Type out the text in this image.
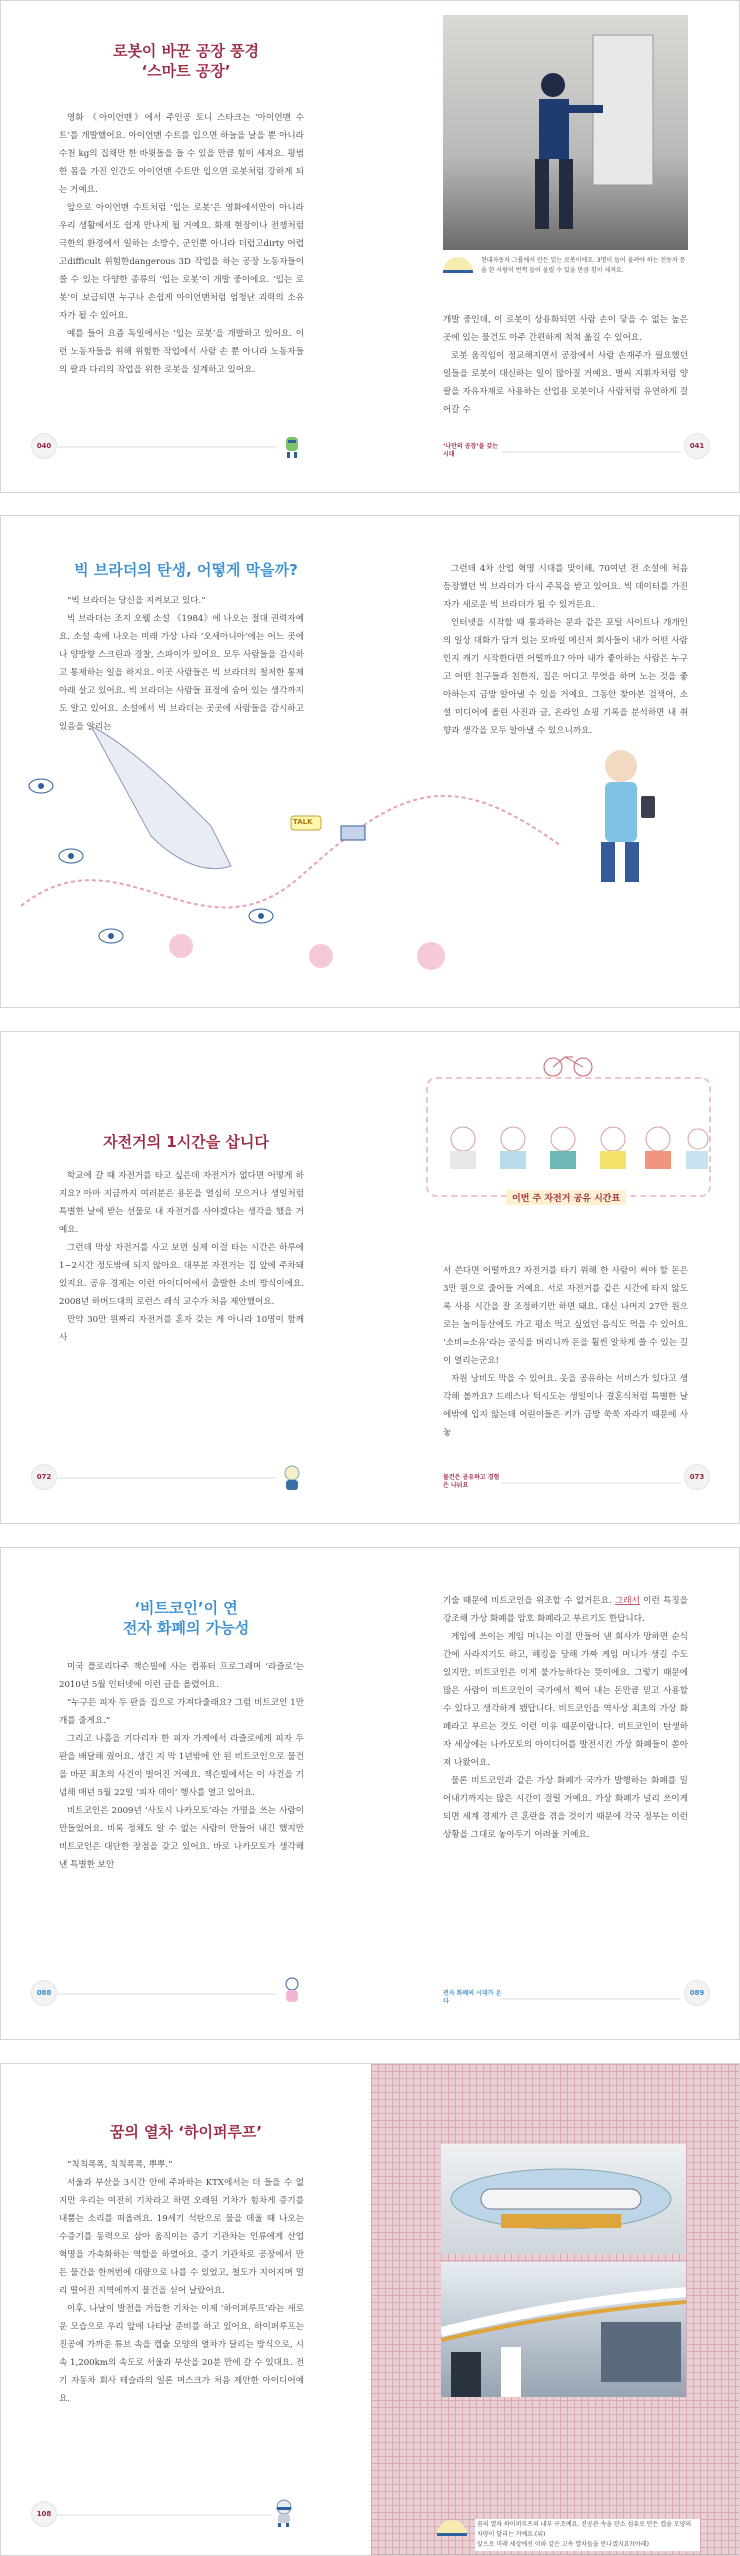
로봇이 바꾼 공장 풍경
‘스마트 공장’

영화 《아이언맨》에서 주인공 토니 스타크는 ‘아이언맨 수트’를 개발했어요. 아이언맨 수트를 입으면 하늘을 날을 뿐 아니라 수천 kg의 집채만 한 바윗돌을 들 수 있을 만큼 힘이 세져요. 평범한 몸을 가진 인간도 아이언맨 수트만 입으면 로봇처럼 강하게 되는 거예요.

앞으로 아이언맨 수트처럼 ‘입는 로봇’은 영화에서만이 아니라 우리 생활에서도 쉽게 만나게 될 거예요. 화재 현장이나 전쟁처럼 극한의 환경에서 일하는 소방수, 군인뿐 아니라 더럽고dirty 어렵고difficult 위험한dangerous 3D 작업을 하는 공장 노동자들이 쓸 수 있는 다양한 종류의 ‘입는 로봇’이 개발 중이에요. ‘입는 로봇’이 보급되면 누구나 손쉽게 아이언맨처럼 엄청난 괴력의 소유자가 될 수 있어요.

예를 들어 요즘 독일에서는 ‘입는 로봇’을 개발하고 있어요. 이런 노동자들을 위해 위험한 작업에서 사람 손 뿐 아니라 노동자들의 팔과 다리의 작업을 위한 로봇을 설계하고 있어요.

040
현대자동차 그룹에서 만든 입는 로봇이에요. 3명이 들어 올려야 하는 전동차 문을 한 사람이 번쩍 들어 올릴 수 있을 만큼 힘이 세져요.

개발 중인데, 이 로봇이 상용화되면 사람 손이 닿을 수 없는 높은 곳에 있는 물건도 아주 간편하게 척척 옮길 수 있어요.

로봇 움직임이 정교해지면서 공장에서 사람 손재주가 필요했던 일들을 로봇이 대신하는 일이 많아질 거예요. 벌써 지휘자처럼 양팔을 자유자재로 사용하는 산업용 로봇이나 사람처럼 유연하게 걸어갈 수

‘나만의 공장’을 갖는 시대
041
빅 브라더의 탄생, 어떻게 막을까?

“빅 브라더는 당신을 지켜보고 있다.”

빅 브라더는 조지 오웰 소설 《1984》에 나오는 절대 권력자예요. 소설 속에 나오는 미래 가상 나라 ‘오세아니아’에는 어느 곳에나 양방향 스크린과 경찰, 스파이가 있어요. 모두 사람들을 감시하고 통제하는 일을 하지요. 이곳 사람들은 빅 브라더의 철저한 통제 아래 살고 있어요. 빅 브라더는 사람들 표정에 숨어 있는 생각까지도 알고 있어요. 소설에서 빅 브라더는 곳곳에 사람들을 감시하고 있음을 알리는

그런데 4차 산업 혁명 시대를 맞이해, 70여년 전 소설에 처음 등장했던 빅 브라더가 다시 주목을 받고 있어요. 빅 데이터를 가진 자가 새로운 빅 브라더가 될 수 있거든요.

인터넷을 시작할 때 통과하는 문과 같은 포털 사이트나 개개인의 일상 대화가 담겨 있는 모바일 메신저 회사들이 내가 어떤 사람인지 캐기 시작한다면 어떨까요? 아마 내가 좋아하는 사람은 누구고 어떤 친구들과 친한지, 집은 어디고 무엇을 하며 노는 것을 좋아하는지 금방 알아낼 수 있을 거예요. 그동안 찾아본 검색어, 소셜 미디어에 올린 사진과 글, 온라인 쇼핑 기록을 분석하면 내 취향과 생각을 모두 알아낼 수 있으니까요.

TALK
자전거의 1시간을 삽니다

학교에 갈 때 자전거를 타고 싶은데 자전거가 없다면 어떻게 하지요? 아마 지금까지 여러분은 용돈을 열심히 모으거나 생일처럼 특별한 날에 받는 선물로 내 자전거를 사야겠다는 생각을 했을 거예요.

그런데 막상 자전거를 사고 보면 실제 이걸 타는 시간은 하루에 1~2시간 정도밖에 되지 않아요. 대부분 자전거는 집 앞에 주차돼 있지요. 공유 경제는 이런 아이디어에서 출발한 소비 방식이에요. 2008년 하버드대의 로런스 레식 교수가 처음 제안했어요.

만약 30만 원짜리 자전거를 혼자 갖는 게 아니라 10명이 함께 사

072
이번 주 자전거 공유 시간표

서 쓴다면 어떨까요? 자전거를 타기 위해 한 사람이 써야 할 돈은 3만 원으로 줄어들 거예요. 서로 자전거를 같은 시간에 타지 않도록 사용 시간을 잘 조정하기만 하면 돼요. 대신 나머지 27만 원으로는 놀이동산에도 가고 평소 먹고 싶었던 음식도 먹을 수 있어요. ‘소비=소유’라는 공식을 버리니까 돈을 훨씬 알차게 쓸 수 있는 길이 열리는군요!

자원 낭비도 막을 수 있어요. 옷을 공유하는 서비스가 있다고 생각해 볼까요? 드레스나 턱시도는 생일이나 결혼식처럼 특별한 날에밖에 입지 않는데 어린이들은 키가 금방 쑥쑥 자라기 때문에 사 놓

물건은 공유하고 경험은 나눠요
073
‘비트코인’이 연
전자 화폐의 가능성

미국 플로리다주 잭슨빌에 사는 컴퓨터 프로그래머 ‘라즐로’는 2010년 5월 인터넷에 이런 글을 올렸어요.

“누구든 피자 두 판을 집으로 가져다줄래요? 그럼 비트코인 1만 개를 줄게요.”

그리고 나흘을 기다리자 한 피자 가게에서 라즐로에게 피자 두 판을 배달해 줬어요. 생긴 지 막 1년밖에 안 된 비트코인으로 물건을 바꾼 최초의 사건이 벌어진 거예요. 잭슨빌에서는 이 사건을 기념해 매년 5월 22일 ‘피자 데이’ 행사를 열고 있어요.

비트코인은 2009년 ‘사토시 나카모토’라는 가명을 쓰는 사람이 만들었어요. 비록 정체도 알 수 없는 사람이 만들어 내긴 했지만 비트코인은 대단한 장점을 갖고 있어요. 바로 나카모토가 생각해 낸 특별한 보안

088

기술 때문에 비트코인을 위조할 수 없거든요. 그래서 이런 특징을 강조해 가상 화폐를 암호 화폐라고 부르기도 한답니다.

게임에 쓰이는 게임 머니는 이걸 만들어 낸 회사가 망하면 순식간에 사라지기도 하고, 해킹을 당해 가짜 게임 머니가 생길 수도 있지만, 비트코인은 이게 불가능하다는 뜻이에요. 그렇기 때문에 많은 사람이 비트코인이 국가에서 찍어 내는 돈만큼 믿고 사용할 수 있다고 생각하게 됐답니다. 비트코인을 역사상 최초의 가상 화폐라고 부르는 것도 이런 이유 때문이랍니다. 비트코인이 탄생하자 세상에는 나카모토의 아이디어를 발전시킨 가상 화폐들이 쏟아져 나왔어요.

물론 비트코인과 같은 가상 화폐가 국가가 발행하는 화폐를 밀어내기까지는 많은 시간이 걸릴 거예요. 가상 화폐가 널리 쓰이게 되면 세계 경제가 큰 혼란을 겪을 것이기 때문에 각국 정부는 이런 상황을 그대로 놓아두기 어려울 거예요.

전자 화폐의 시대가 온다
089
꿈의 열차 ‘하이퍼루프’

“칙칙폭폭, 칙칙폭폭, 뿌뿌.”

서울과 부산을 3시간 안에 주파하는 KTX에서는 더 들을 수 없지만 우리는 여전히 기차라고 하면 오래된 기차가 힘차게 증기를 내뿜는 소리를 떠올려요. 19세기 석탄으로 물을 데울 때 나오는 수증기를 동력으로 삼아 움직이는 증기 기관차는 인류에게 산업 혁명을 가속화하는 역할을 하였어요. 증기 기관차로 공장에서 만든 물건을 한꺼번에 대량으로 나를 수 있었고, 철도가 지어지며 멀리 떨어진 지역에까지 물건을 싣어 날랐어요.

이후, 나날이 발전을 거듭한 기차는 이제 ‘하이퍼루프’라는 새로운 모습으로 우리 앞에 나타날 준비를 하고 있어요. 하이퍼루프는 진공에 가까운 튜브 속을 캡슐 모양의 열차가 달리는 방식으로, 시속 1,200km의 속도로 서울과 부산을 20분 만에 갈 수 있대요. 전기 자동차 회사 테슬라의 일론 머스크가 처음 제안한 아이디어예요.

108
꿈의 열차 하이퍼루프의 내부 구조예요. 진공관 속을 탄소 섬유로 만든 캡슐 모양의 차량이 달리는 거예요.(위)
앞으로 미래 세상에선 이와 같은 고속 열차들을 만나겠지요?(아래)
